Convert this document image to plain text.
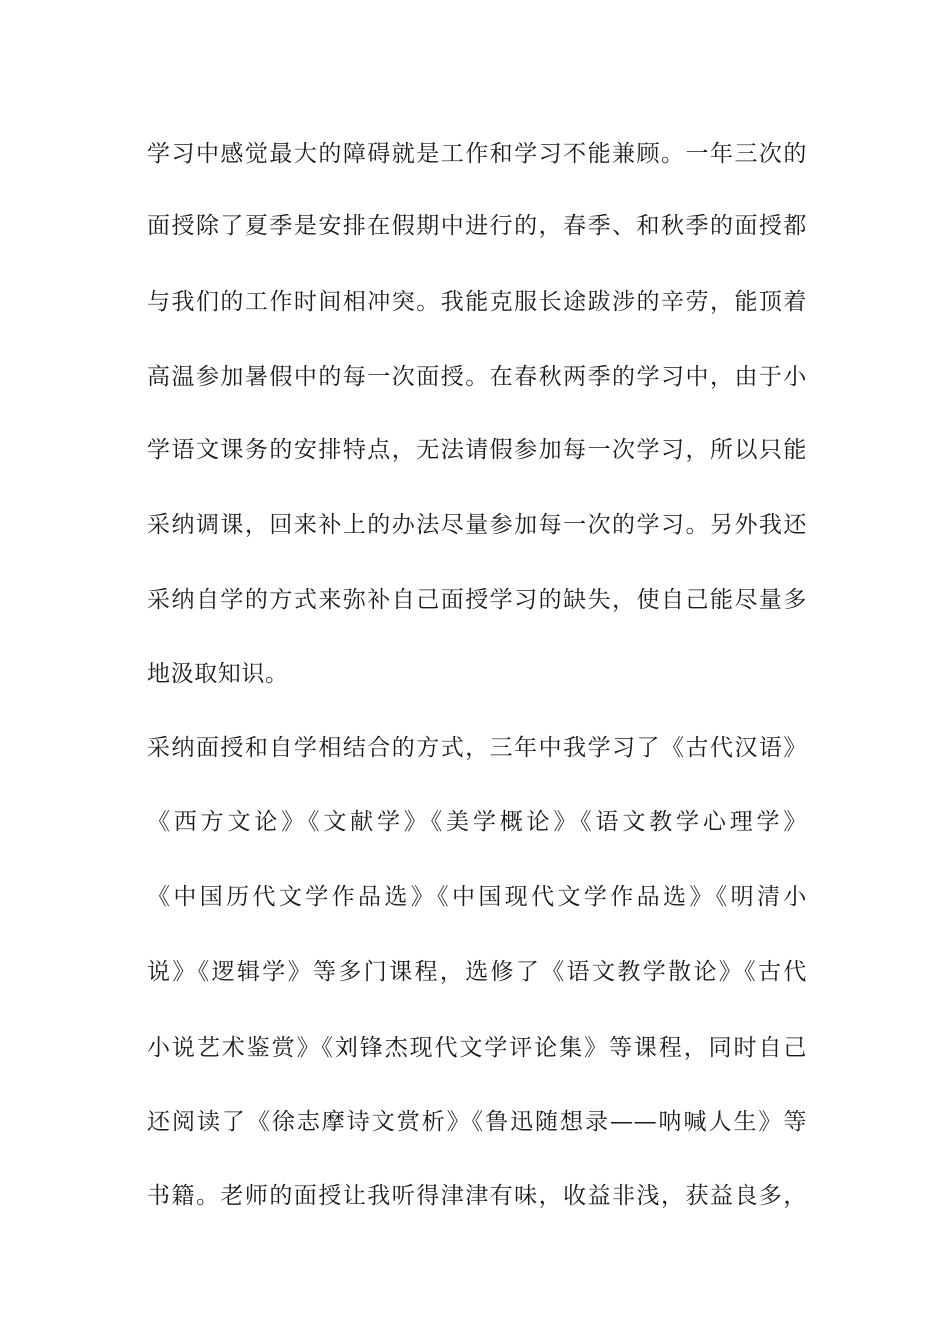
学习中感觉最大的障碍就是工作和学习不能兼顾。一年三次的
面授除了夏季是安排在假期中进行的，春季、和秋季的面授都
与我们的工作时间相冲突。我能克服长途跋涉的辛劳，能顶着
高温参加暑假中的每一次面授。在春秋两季的学习中，由于小
学语文课务的安排特点，无法请假参加每一次学习，所以只能
采纳调课，回来补上的办法尽量参加每一次的学习。另外我还
采纳自学的方式来弥补自己面授学习的缺失，使自己能尽量多
地汲取知识。
采纳面授和自学相结合的方式，三年中我学习了《古代汉语》
《西方文论》《文献学》《美学概论》《语文教学心理学》
《中国历代文学作品选》《中国现代文学作品选》《明清小
说》《逻辑学》等多门课程，选修了《语文教学散论》《古代
小说艺术鉴赏》《刘锋杰现代文学评论集》等课程，同时自己
还阅读了《徐志摩诗文赏析》《鲁迅随想录——呐喊人生》等
书籍。老师的面授让我听得津津有味，收益非浅，获益良多，
